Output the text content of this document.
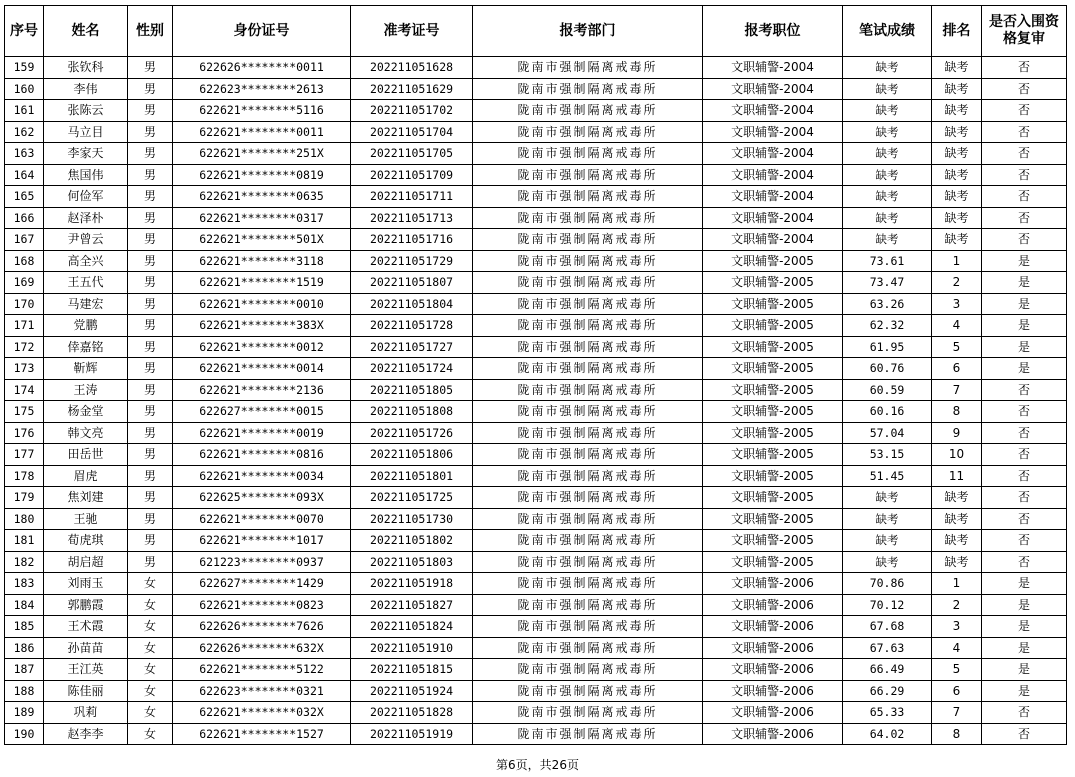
序号	姓名	性别	身份证号	准考证号	报考部门	报考职位	笔试成绩	排名	是否入围资格复审
159	张钦科	男	622626********0011	202211051628	陇南市强制隔离戒毒所	文职辅警-2004	缺考	缺考	否
160	李伟	男	622623********2613	202211051629	陇南市强制隔离戒毒所	文职辅警-2004	缺考	缺考	否
161	张陈云	男	622621********5116	202211051702	陇南市强制隔离戒毒所	文职辅警-2004	缺考	缺考	否
162	马立目	男	622621********0011	202211051704	陇南市强制隔离戒毒所	文职辅警-2004	缺考	缺考	否
163	李家天	男	622621********251X	202211051705	陇南市强制隔离戒毒所	文职辅警-2004	缺考	缺考	否
164	焦国伟	男	622621********0819	202211051709	陇南市强制隔离戒毒所	文职辅警-2004	缺考	缺考	否
165	何俭军	男	622621********0635	202211051711	陇南市强制隔离戒毒所	文职辅警-2004	缺考	缺考	否
166	赵泽朴	男	622621********0317	202211051713	陇南市强制隔离戒毒所	文职辅警-2004	缺考	缺考	否
167	尹曾云	男	622621********501X	202211051716	陇南市强制隔离戒毒所	文职辅警-2004	缺考	缺考	否
168	高全兴	男	622621********3118	202211051729	陇南市强制隔离戒毒所	文职辅警-2005	73.61	1	是
169	王五代	男	622621********1519	202211051807	陇南市强制隔离戒毒所	文职辅警-2005	73.47	2	是
170	马建宏	男	622621********0010	202211051804	陇南市强制隔离戒毒所	文职辅警-2005	63.26	3	是
171	党鹏	男	622621********383X	202211051728	陇南市强制隔离戒毒所	文职辅警-2005	62.32	4	是
172	倖嘉铭	男	622621********0012	202211051727	陇南市强制隔离戒毒所	文职辅警-2005	61.95	5	是
173	靳辉	男	622621********0014	202211051724	陇南市强制隔离戒毒所	文职辅警-2005	60.76	6	是
174	王涛	男	622621********2136	202211051805	陇南市强制隔离戒毒所	文职辅警-2005	60.59	7	否
175	杨金堂	男	622627********0015	202211051808	陇南市强制隔离戒毒所	文职辅警-2005	60.16	8	否
176	韩文亮	男	622621********0019	202211051726	陇南市强制隔离戒毒所	文职辅警-2005	57.04	9	否
177	田岳世	男	622621********0816	202211051806	陇南市强制隔离戒毒所	文职辅警-2005	53.15	10	否
178	眉虎	男	622621********0034	202211051801	陇南市强制隔离戒毒所	文职辅警-2005	51.45	11	否
179	焦刘建	男	622625********093X	202211051725	陇南市强制隔离戒毒所	文职辅警-2005	缺考	缺考	否
180	王驰	男	622621********0070	202211051730	陇南市强制隔离戒毒所	文职辅警-2005	缺考	缺考	否
181	荀虎琪	男	622621********1017	202211051802	陇南市强制隔离戒毒所	文职辅警-2005	缺考	缺考	否
182	胡启超	男	621223********0937	202211051803	陇南市强制隔离戒毒所	文职辅警-2005	缺考	缺考	否
183	刘雨玉	女	622627********1429	202211051918	陇南市强制隔离戒毒所	文职辅警-2006	70.86	1	是
184	郭鹏霞	女	622621********0823	202211051827	陇南市强制隔离戒毒所	文职辅警-2006	70.12	2	是
185	王术霞	女	622626********7626	202211051824	陇南市强制隔离戒毒所	文职辅警-2006	67.68	3	是
186	孙苗苗	女	622626********632X	202211051910	陇南市强制隔离戒毒所	文职辅警-2006	67.63	4	是
187	王江英	女	622621********5122	202211051815	陇南市强制隔离戒毒所	文职辅警-2006	66.49	5	是
188	陈佳丽	女	622623********0321	202211051924	陇南市强制隔离戒毒所	文职辅警-2006	66.29	6	是
189	巩莉	女	622621********032X	202211051828	陇南市强制隔离戒毒所	文职辅警-2006	65.33	7	否
190	赵李李	女	622621********1527	202211051919	陇南市强制隔离戒毒所	文职辅警-2006	64.02	8	否
第6页，共26页
